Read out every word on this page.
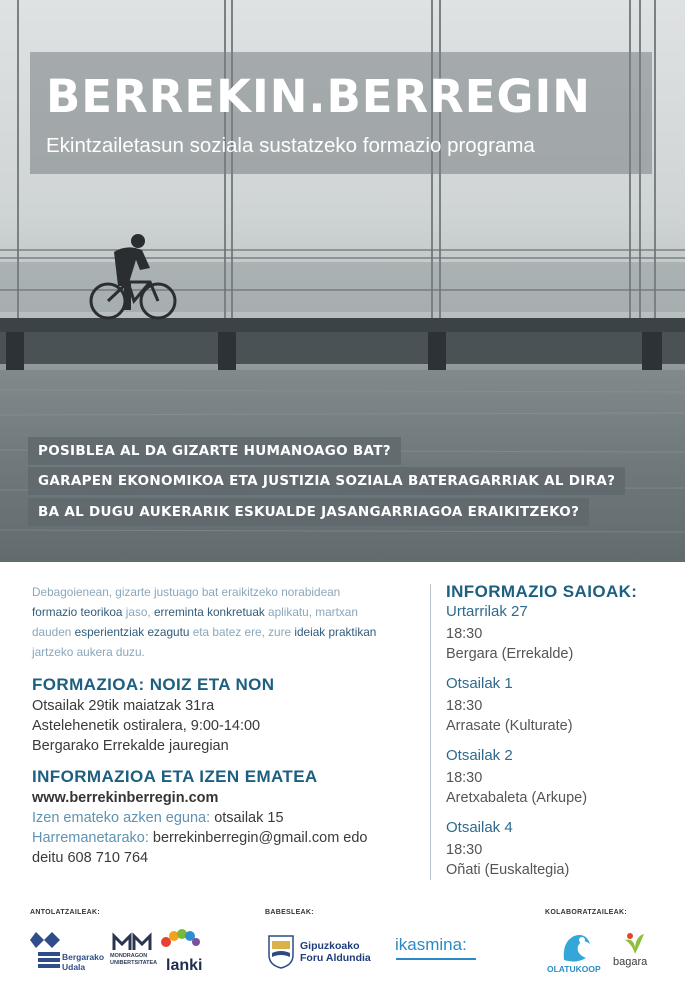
BERREKIN.BERREGIN
Ekintzailetasun soziala sustatzeko formazio programa
POSIBLEA AL DA GIZARTE HUMANOAGO BAT?
GARAPEN EKONOMIKOA ETA JUSTIZIA SOZIALA BATERAGARRIAK AL DIRA?
BA AL DUGU AUKERARIK ESKUALDE JASANGARRIAGOA ERAIKITZEKO?
Debagoienean, gizarte justuago bat eraikitzeko norabidean
formazio teorikoa jaso, erreminta konkretuak aplikatu, martxan
dauden esperientziak ezagutu eta batez ere, zure ideiak praktikan
jartzeko aukera duzu.
FORMAZIOA: NOIZ ETA NON
Otsailak 29tik maiatzak 31ra
Astelehenetik ostiralera, 9:00-14:00
Bergarako Errekalde jauregian
INFORMAZIOA ETA IZEN EMATEA
www.berrekinberregin.com
Izen emateko azken eguna: otsailak 15
Harremanetarako: berrekinberregin@gmail.com edo
deitu 608 710 764
INFORMAZIO SAIOAK:
Urtarrilak 27
18:30
Bergara (Errekalde)
Otsailak 1
18:30
Arrasate (Kulturate)
Otsailak 2
18:30
Aretxabaleta (Arkupe)
Otsailak 4
18:30
Oñati (Euskaltegia)
ANTOLATZAILEAK:	BABESLEAK:	KOLABORATZAILEAK:
Bergarako Udala
MONDRAGON UNIBERTSITATEA lanki
Gipuzkoako
Foru Aldundia
ikasmina:
OLATUKOOP
bagara
